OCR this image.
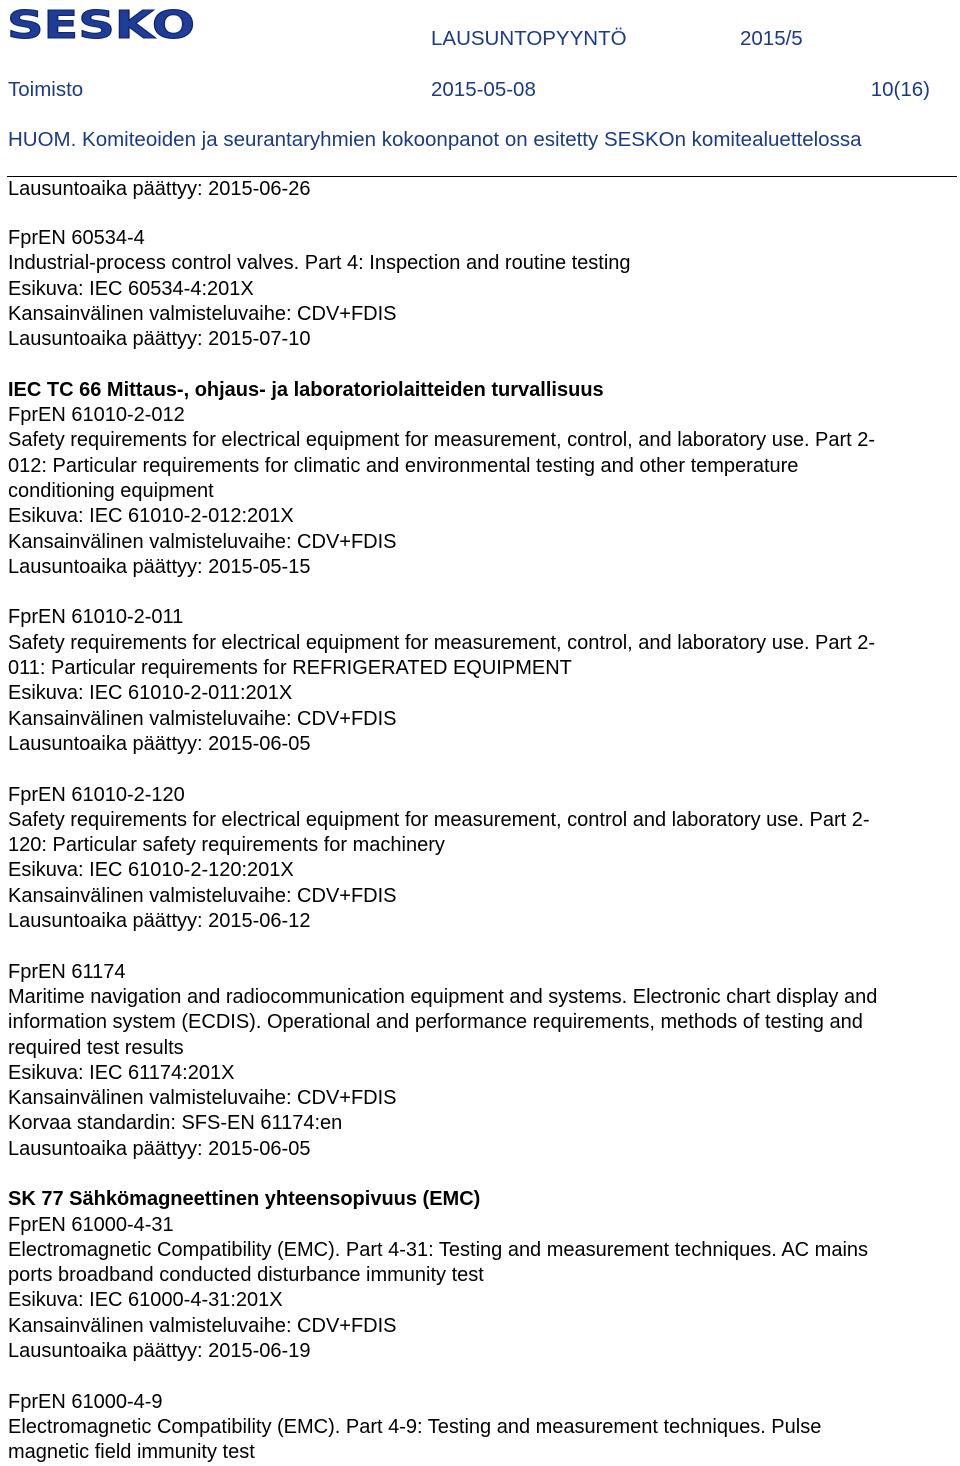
SESKO	LAUSUNTOPYYNTÖ	2015/5
Toimisto	2015-05-08	10(16)
HUOM. Komiteoiden ja seurantaryhmien kokoonpanot on esitetty SESKOn komitealuettelossa
Lausuntoaika päättyy: 2015-06-26
FprEN 60534-4
Industrial-process control valves. Part 4: Inspection and routine testing
Esikuva: IEC 60534-4:201X
Kansainvälinen valmisteluvaihe: CDV+FDIS
Lausuntoaika päättyy: 2015-07-10
IEC TC 66 Mittaus-, ohjaus- ja laboratoriolaitteiden turvallisuus
FprEN 61010-2-012
Safety requirements for electrical equipment for measurement, control, and laboratory use. Part 2-
012: Particular requirements for climatic and environmental testing and other temperature
conditioning equipment
Esikuva: IEC 61010-2-012:201X
Kansainvälinen valmisteluvaihe: CDV+FDIS
Lausuntoaika päättyy: 2015-05-15
FprEN 61010-2-011
Safety requirements for electrical equipment for measurement, control, and laboratory use. Part 2-
011: Particular requirements for REFRIGERATED EQUIPMENT
Esikuva: IEC 61010-2-011:201X
Kansainvälinen valmisteluvaihe: CDV+FDIS
Lausuntoaika päättyy: 2015-06-05
FprEN 61010-2-120
Safety requirements for electrical equipment for measurement, control and laboratory use. Part 2-
120: Particular safety requirements for machinery
Esikuva: IEC 61010-2-120:201X
Kansainvälinen valmisteluvaihe: CDV+FDIS
Lausuntoaika päättyy: 2015-06-12
FprEN 61174
Maritime navigation and radiocommunication equipment and systems. Electronic chart display and
information system (ECDIS). Operational and performance requirements, methods of testing and
required test results
Esikuva: IEC 61174:201X
Kansainvälinen valmisteluvaihe: CDV+FDIS
Korvaa standardin: SFS-EN 61174:en
Lausuntoaika päättyy: 2015-06-05
SK 77 Sähkömagneettinen yhteensopivuus (EMC)
FprEN 61000-4-31
Electromagnetic Compatibility (EMC). Part 4-31: Testing and measurement techniques. AC mains
ports broadband conducted disturbance immunity test
Esikuva: IEC 61000-4-31:201X
Kansainvälinen valmisteluvaihe: CDV+FDIS
Lausuntoaika päättyy: 2015-06-19
FprEN 61000-4-9
Electromagnetic Compatibility (EMC). Part 4-9: Testing and measurement techniques. Pulse
magnetic field immunity test
